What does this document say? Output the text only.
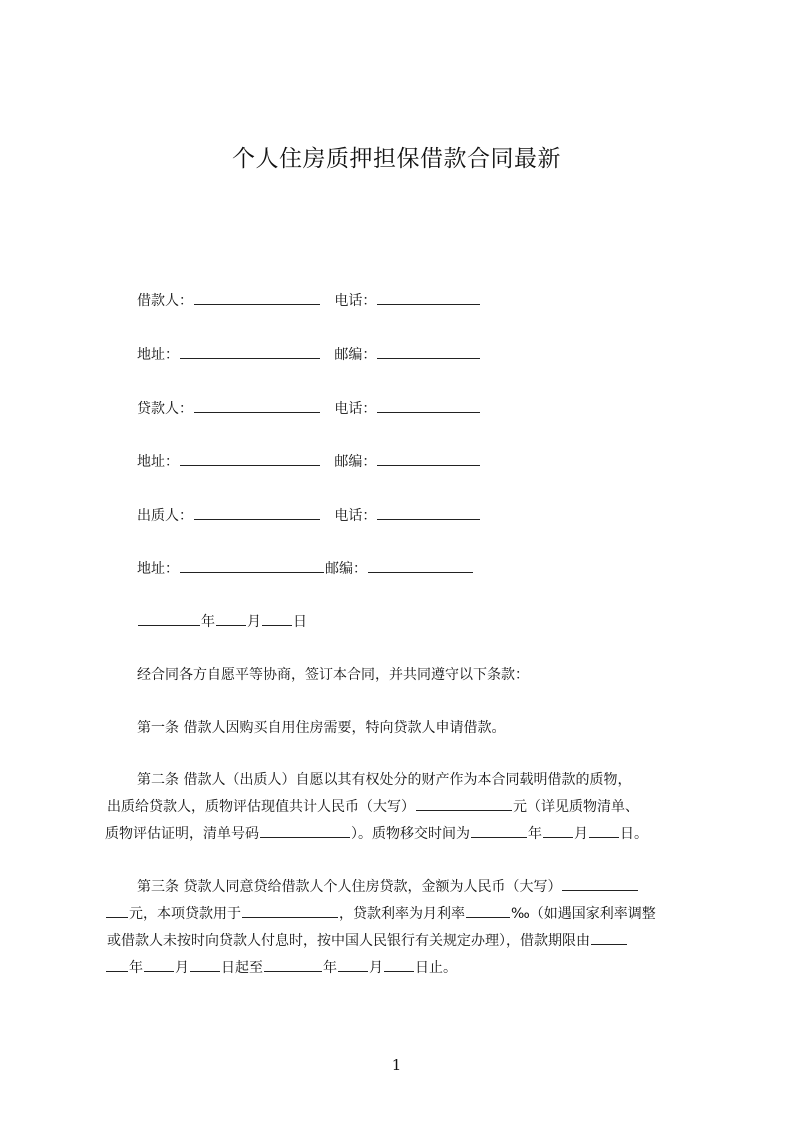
个人住房质押担保借款合同最新
借款人：	电话：
地址：	邮编：
贷款人：	电话：
地址：	邮编：
出质人：	电话：
地址：	邮编：
年 月 日
经合同各方自愿平等协商，签订本合同，并共同遵守以下条款：
第一条 借款人因购买自用住房需要，特向贷款人申请借款。
第二条 借款人（出质人）自愿以其有权处分的财产作为本合同载明借款的质物，
出质给贷款人，质物评估现值共计人民币（大写）	元（详见质物清单、
质物评估证明，清单号码	）。质物移交时间为	年 月 日。
第三条 贷款人同意贷给借款人个人住房贷款，金额为人民币（大写）
元，本项贷款用于	，贷款利率为月利率	‰（如遇国家利率调整
或借款人未按时向贷款人付息时，按中国人民银行有关规定办理），借款期限由
年 月 日起至	年 月 日止。
1
